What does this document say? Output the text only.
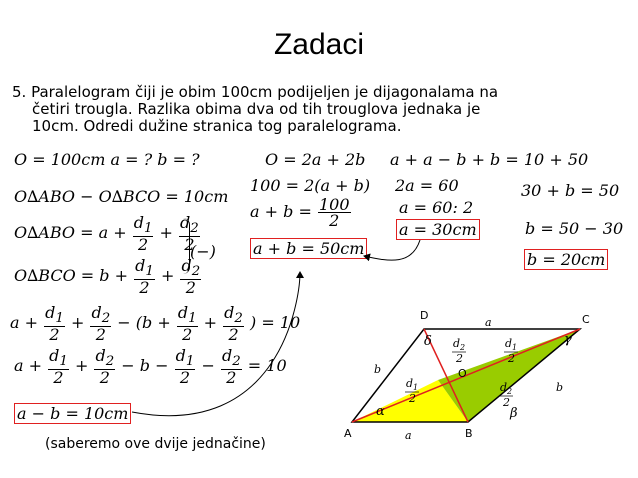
Zadaci
5. Paralelogram čiji je obim 100cm podijeljen je dijagonalama na
četiri trougla. Razlika obima dva od tih trouglova jednaka je
10cm. Odredi dužine stranica tog paralelograma.
O = 100cm a = ? b = ?
O∆ABO − O∆BCO = 10cm
$O\Delta ABO = a + \frac{d_1}{2} + \frac{d_2}{2}$
(−)
$O\Delta BCO = b + \frac{d_1}{2} + \frac{d_2}{2}$
$a + \frac{d_1}{2} + \frac{d_2}{2} - (b + \frac{d_1}{2} + \frac{d_2}{2}$ ) = 10
$a + \frac{d_1}{2} + \frac{d_2}{2} - b - \frac{d_1}{2} - \frac{d_2}{2} = 10$
a − b = 10cm
(saberemo ove dvije jednačine)
O = 2a + 2b
100 = 2(a + b)
$a + b = \frac{100}{2}$
a + b = 50cm
a + a − b + b = 10 + 50
2a = 60
a = 60: 2
a = 30cm
30 + b = 50
b = 50 − 30
b = 20cm
A	B
C
D
O
a
a
b
b
α	β
γ
δ d 2
2
d 1
2
d 1
2
d 2
2
